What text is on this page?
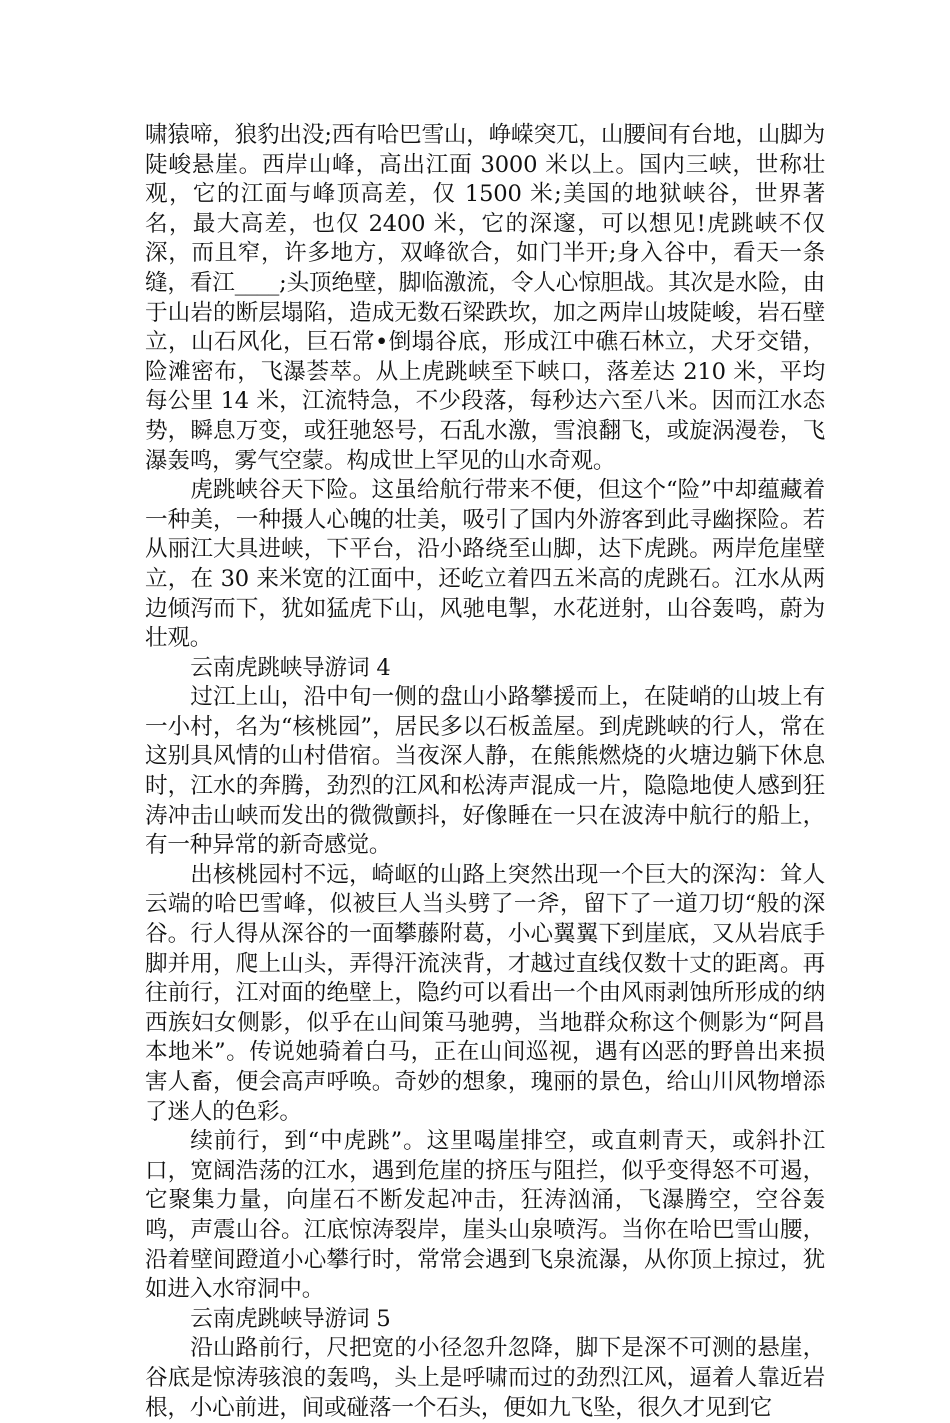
啸猿啼，狼豹出没;西有哈巴雪山，峥嵘突兀，山腰间有台地，山脚为陡峻悬崖。西岸山峰，高出江面 3000 米以上。国内三峡，世称壮观，它的江面与峰顶高差，仅 1500 米;美国的地狱峡谷，世界著名，最大高差，也仅 2400 米，它的深邃，可以想见!虎跳峡不仅深，而且窄，许多地方，双峰欲合，如门半开;身入谷中，看天一条缝，看江____;头顶绝壁，脚临激流，令人心惊胆战。其次是水险，由于山岩的断层塌陷，造成无数石梁跌坎，加之两岸山坡陡峻，岩石壁立，山石风化，巨石常•倒塌谷底，形成江中礁石林立，犬牙交错，险滩密布，飞瀑荟萃。从上虎跳峡至下峡口，落差达 210 米，平均每公里 14 米，江流特急，不少段落，每秒达六至八米。因而江水态势，瞬息万变，或狂驰怒号，石乱水激，雪浪翻飞，或旋涡漫卷，飞瀑轰鸣，雾气空蒙。构成世上罕见的山水奇观。

虎跳峡谷天下险。这虽给航行带来不便，但这个“险”中却蕴藏着一种美，一种摄人心魄的壮美，吸引了国内外游客到此寻幽探险。若从丽江大具进峡，下平台，沿小路绕至山脚，达下虎跳。两岸危崖壁立，在 30 来米宽的江面中，还屹立着四五米高的虎跳石。江水从两边倾泻而下，犹如猛虎下山，风驰电掣，水花迸射，山谷轰鸣，蔚为壮观。

云南虎跳峡导游词 4

过江上山，沿中旬一侧的盘山小路攀援而上，在陡峭的山坡上有一小村，名为“核桃园”，居民多以石板盖屋。到虎跳峡的行人，常在这别具风情的山村借宿。当夜深人静，在熊熊燃烧的火塘边躺下休息时，江水的奔腾，劲烈的江风和松涛声混成一片，隐隐地使人感到狂涛冲击山峡而发出的微微颤抖，好像睡在一只在波涛中航行的船上，有一种异常的新奇感觉。

出核桃园村不远，崎岖的山路上突然出现一个巨大的深沟：耸人云端的哈巴雪峰，似被巨人当头劈了一斧，留下了一道刀切“般的深谷。行人得从深谷的一面攀藤附葛，小心翼翼下到崖底，又从岩底手脚并用，爬上山头，弄得汗流浃背，才越过直线仅数十丈的距离。再往前行，江对面的绝壁上，隐约可以看出一个由风雨剥蚀所形成的纳西族妇女侧影，似乎在山间策马驰骋，当地群众称这个侧影为“阿昌本地米”。传说她骑着白马，正在山间巡视，遇有凶恶的野兽出来损害人畜，便会高声呼唤。奇妙的想象，瑰丽的景色，给山川风物增添了迷人的色彩。

续前行，到“中虎跳”。这里喝崖排空，或直刺青天，或斜扑江口，宽阔浩荡的江水，遇到危崖的挤压与阻拦，似乎变得怒不可遏，它聚集力量，向崖石不断发起冲击，狂涛汹涌，飞瀑腾空，空谷轰鸣，声震山谷。江底惊涛裂岸，崖头山泉喷泻。当你在哈巴雪山腰，沿着壁间蹬道小心攀行时，常常会遇到飞泉流瀑，从你顶上掠过，犹如进入水帘洞中。

云南虎跳峡导游词 5

沿山路前行，尺把宽的小径忽升忽降，脚下是深不可测的悬崖，谷底是惊涛骇浪的轰鸣，头上是呼啸而过的劲烈江风，逼着人靠近岩根，小心前进，间或碰落一个石头，便如九飞坠，很久才见到它
